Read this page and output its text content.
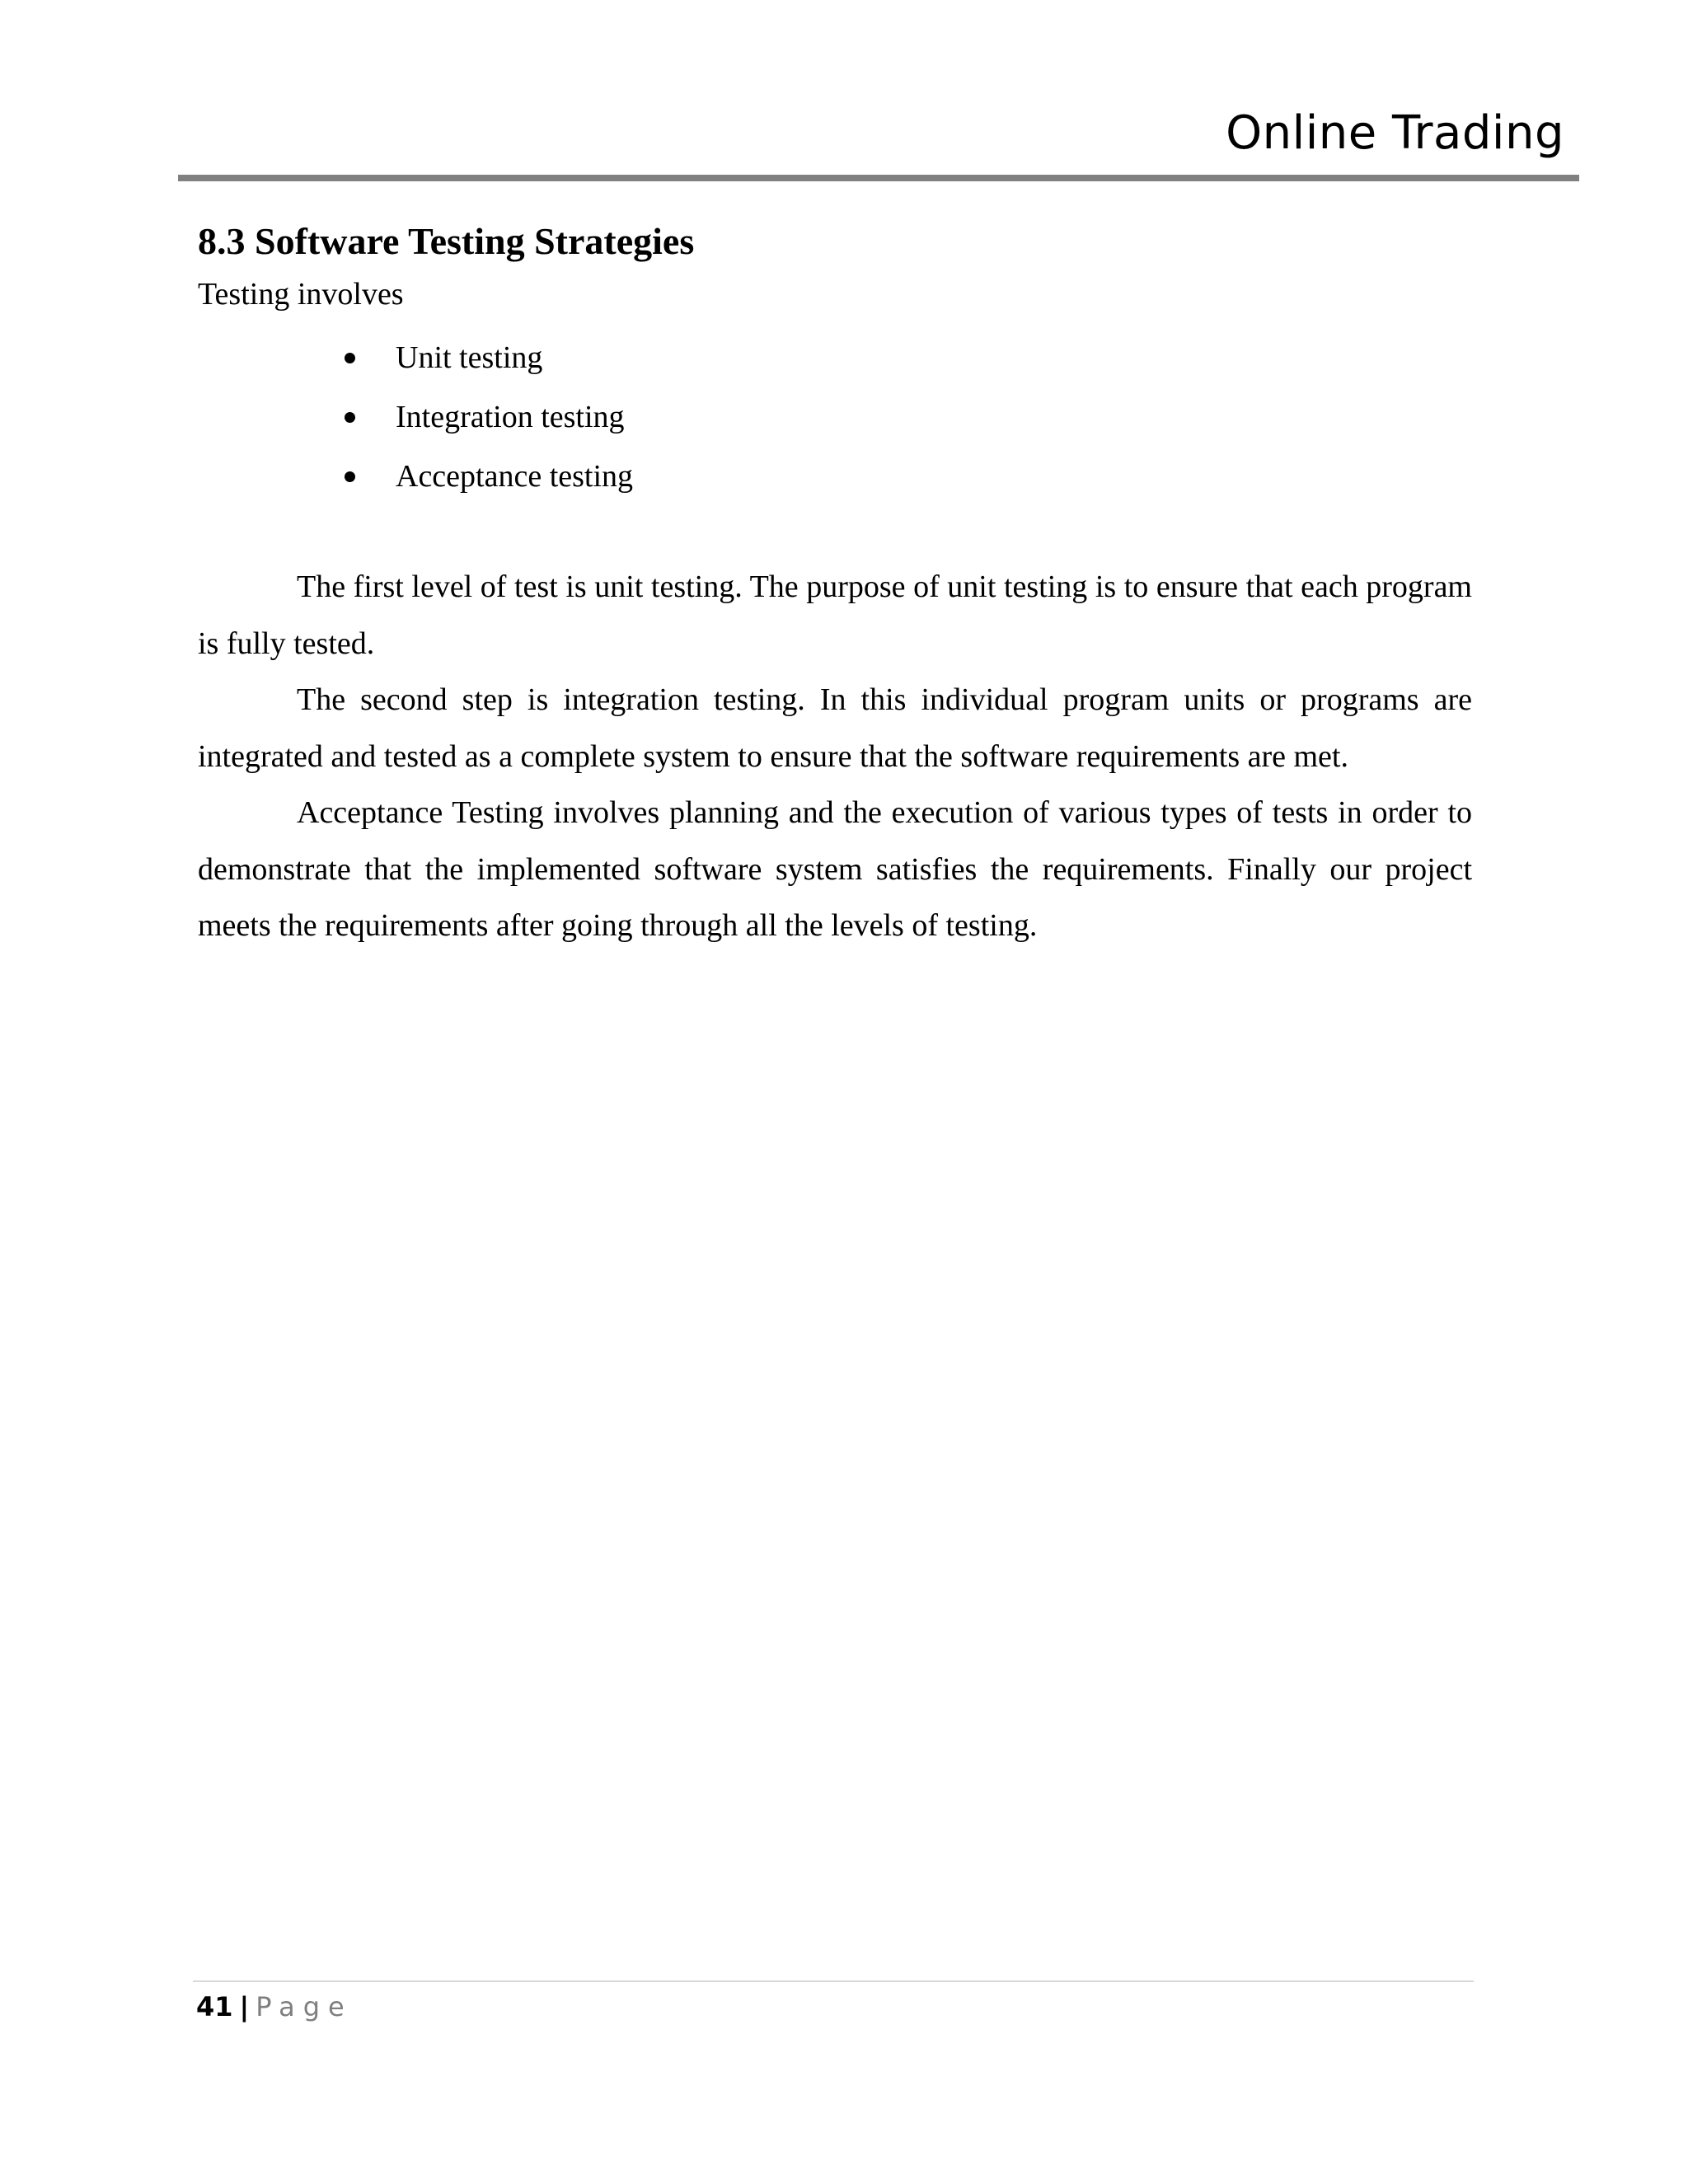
Online Trading
8.3 Software Testing Strategies

Testing involves

Unit testing
Integration testing
Acceptance testing

The first level of test is unit testing. The purpose of unit testing is to ensure that each program is fully tested.

The second step is integration testing. In this individual program units or programs are integrated and tested as a complete system to ensure that the software requirements are met.

Acceptance Testing involves planning and the execution of various types of tests in order to demonstrate that the implemented software system satisfies the requirements. Finally our project meets the requirements after going through all the levels of testing.

41 | Page
